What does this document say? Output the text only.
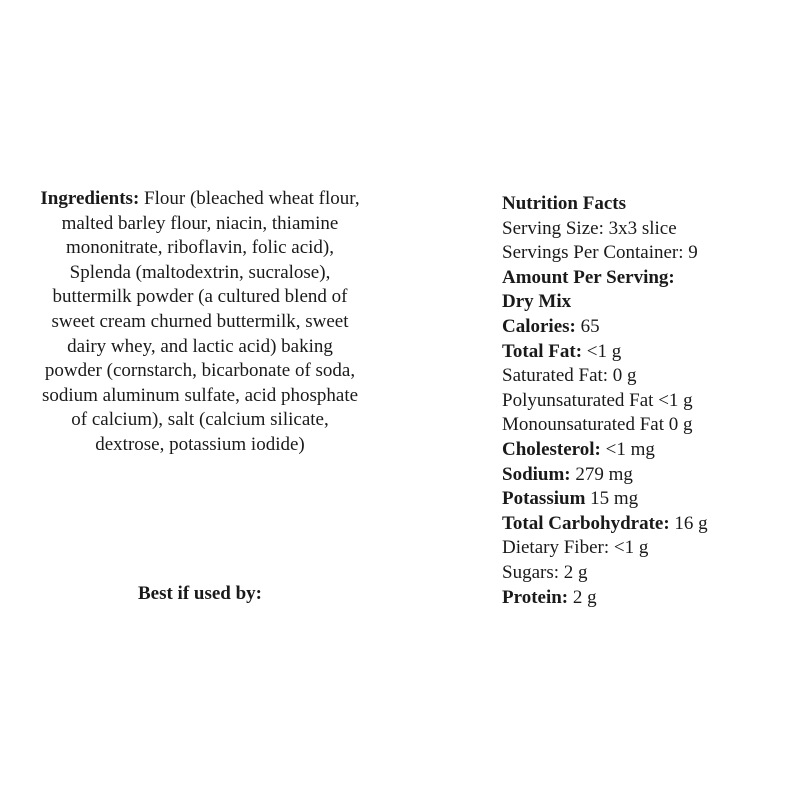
Ingredients: Flour (bleached wheat flour, malted barley flour, niacin, thiamine mononitrate, riboflavin, folic acid), Splenda (maltodextrin, sucralose), buttermilk powder (a cultured blend of sweet cream churned buttermilk, sweet dairy whey, and lactic acid) baking powder (cornstarch, bicarbonate of soda, sodium aluminum sulfate, acid phosphate of calcium), salt (calcium silicate, dextrose, potassium iodide)
Best if used by:
Nutrition Facts
Serving Size: 3x3 slice
Servings Per Container: 9
Amount Per Serving:
Dry Mix
Calories: 65
Total Fat: <1 g
Saturated Fat: 0 g
Polyunsaturated Fat <1 g
Monounsaturated Fat 0 g
Cholesterol: <1 mg
Sodium: 279 mg
Potassium 15 mg
Total Carbohydrate: 16 g
Dietary Fiber: <1 g
Sugars: 2 g
Protein: 2 g
